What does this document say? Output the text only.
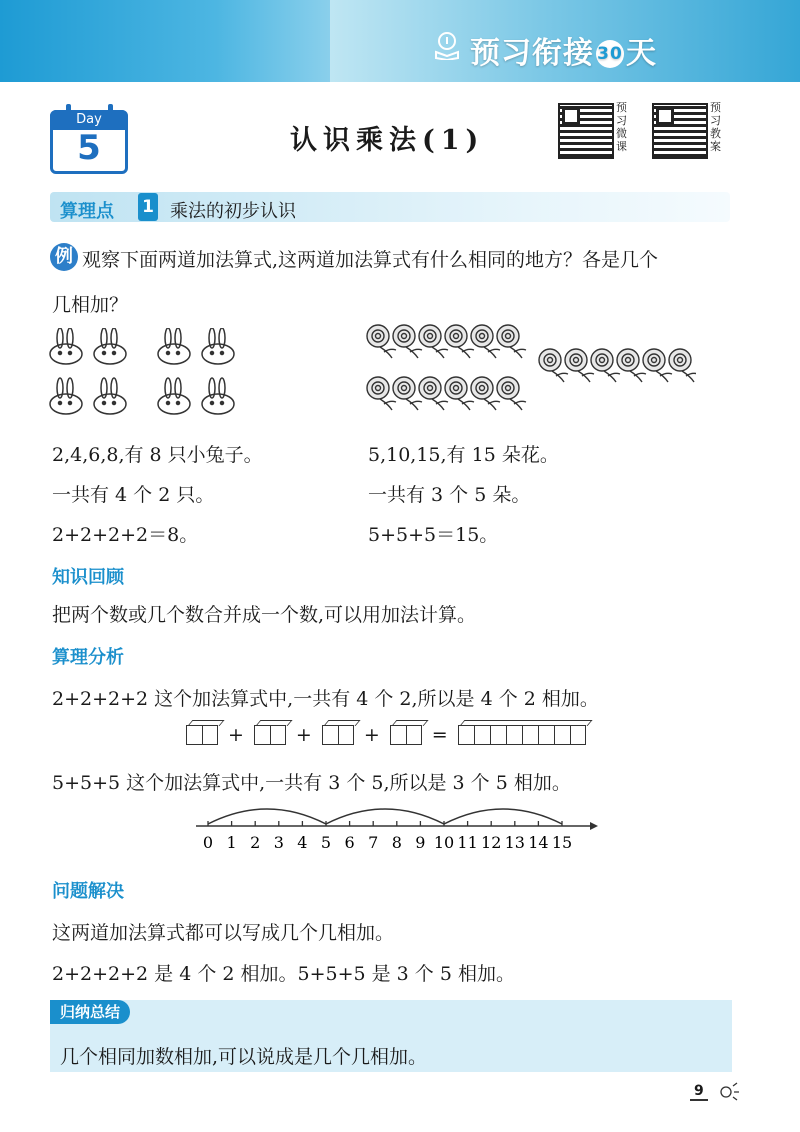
预习衔接 30 天
Day
5	认识乘法(1)
预习微课
预习教案
算理点 1 乘法的初步认识
例 观察下面两道加法算式,这两道加法算式有什么相同的地方？各是几个
几相加？
2,4,6,8,有 8 只小兔子。
一共有 4 个 2 只。
2+2+2+2＝8。
5,10,15,有 15 朵花。
一共有 3 个 5 朵。
5+5+5＝15。
知识回顾
把两个数或几个数合并成一个数,可以用加法计算。
算理分析
2+2+2+2 这个加法算式中,一共有 4 个 2,所以是 4 个 2 相加。
+	+	+	=
5+5+5 这个加法算式中,一共有 3 个 5,所以是 3 个 5 相加。
0 1 2 3 4 5 6 7 8 9 10 11 12 13 14 15
问题解决
这两道加法算式都可以写成几个几相加。
2+2+2+2 是 4 个 2 相加。5+5+5 是 3 个 5 相加。
归纳总结
几个相同加数相加,可以说成是几个几相加。
9
